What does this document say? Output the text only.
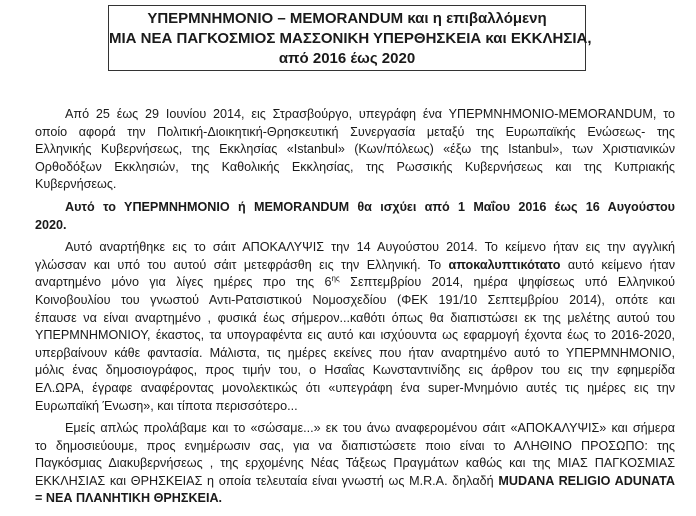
ΥΠΕΡΜΝΗΜΟΝΙΟ – MEMORANDUM και η επιβαλλόμενη
ΜΙΑ ΝΕΑ ΠΑΓΚΟΣΜΙΟΣ ΜΑΣΣΟΝΙΚΗ ΥΠΕΡΘΗΣΚΕΙΑ και ΕΚΚΛΗΣΙΑ,
από 2016 έως 2020
Από 25 έως 29 Ιουνίου 2014, εις Στρασβούργο, υπεγράφη ένα ΥΠΕΡΜΝΗΜΟΝΙΟ-MEMORANDUM, το
οποίο αφορά την Πολιτική-Διοικητική-Θρησκευτική Συνεργασία μεταξύ της Ευρωπαϊκής Ενώσεως- της
Ελληνικής Κυβερνήσεως, της Εκκλησίας «Istanbul» (Κων/πόλεως) «έξω της Istanbul», των Χριστιανικών
Ορθοδόξων Εκκλησιών, της Καθολικής Εκκλησίας, της Ρωσσικής Κυβερνήσεως και της Κυπριακής
Κυβερνήσεως.
Αυτό το ΥΠΕΡΜΝΗΜΟΝΙΟ ή MEMORANDUM θα ισχύει από 1 Μαΐου 2016 έως 16 Αυγούστου
2020.
Αυτό αναρτήθηκε εις το σάιτ ΑΠΟΚΑΛΥΨΙΣ την 14 Αυγούστου 2014. Το κείμενο ήταν εις την αγγλική
γλώσσαν και υπό του αυτού σάιτ μετεφράσθη εις την Ελληνική. Το αποκαλυπτικότατο αυτό κείμενο ήταν
αναρτημένο μόνο για λίγες ημέρες προ της $6^{\eta\varsigma}$ Σεπτεμβρίου 2014, ημέρα ψηφίσεως υπό Ελληνικού
Κοινοβουλίου του γνωστού Αντι-Ρατσιστικού Νομοσχεδίου (ΦΕΚ 191/10 Σεπτεμβρίου 2014), οπότε και
έπαυσε να είναι αναρτημένο , φυσικά έως σήμερον...καθότι όπως θα διαπιστώσει εκ της μελέτης αυτού του
ΥΠΕΡΜΝΗΜΟΝΙΟΥ, έκαστος, τα υπογραφέντα εις αυτό και ισχύουντα ως εφαρμογή έχοντα έως το 2016-2020,
υπερβαίνουν κάθε φαντασία. Μάλιστα, τις ημέρες εκείνες που ήταν αναρτημένο αυτό το ΥΠΕΡΜΝΗΜΟΝΙΟ,
μόλις ένας δημοσιογράφος, προς τιμήν του, ο Ησαΐας Κωνσταντινίδης εις άρθρον του εις την εφημερίδα
ΕΛ.ΩΡΑ, έγραφε αναφέροντας μονολεκτικώς ότι «υπεγράφη ένα super-Μνημόνιο αυτές τις ημέρες εις την
Ευρωπαϊκή Ένωση», και τίποτα περισσότερο...
Εμείς απλώς προλάβαμε και το «σώσαμε...» εκ του άνω αναφερομένου σάιτ «ΑΠΟΚΑΛΥΨΙΣ» και σήμερα
το δημοσιεύουμε, προς ενημέρωσιν σας, για να διαπιστώσετε ποιο είναι το ΑΛΗΘΙΝΟ ΠΡΟΣΩΠΟ: της
Παγκόσμιας Διακυβερνήσεως , της ερχομένης Νέας Τάξεως Πραγμάτων καθώς και της ΜΙΑΣ ΠΑΓΚΟΣΜΙΑΣ
ΕΚΚΛΗΣΙΑΣ και ΘΡΗΣΚΕΙΑΣ η οποία τελευταία είναι γνωστή ως M.R.A. δηλαδή MUDANA RELIGIO ADUNATA
= ΝΕΑ ΠΛΑΝΗΤΙΚΗ ΘΡΗΣΚΕΙΑ.
